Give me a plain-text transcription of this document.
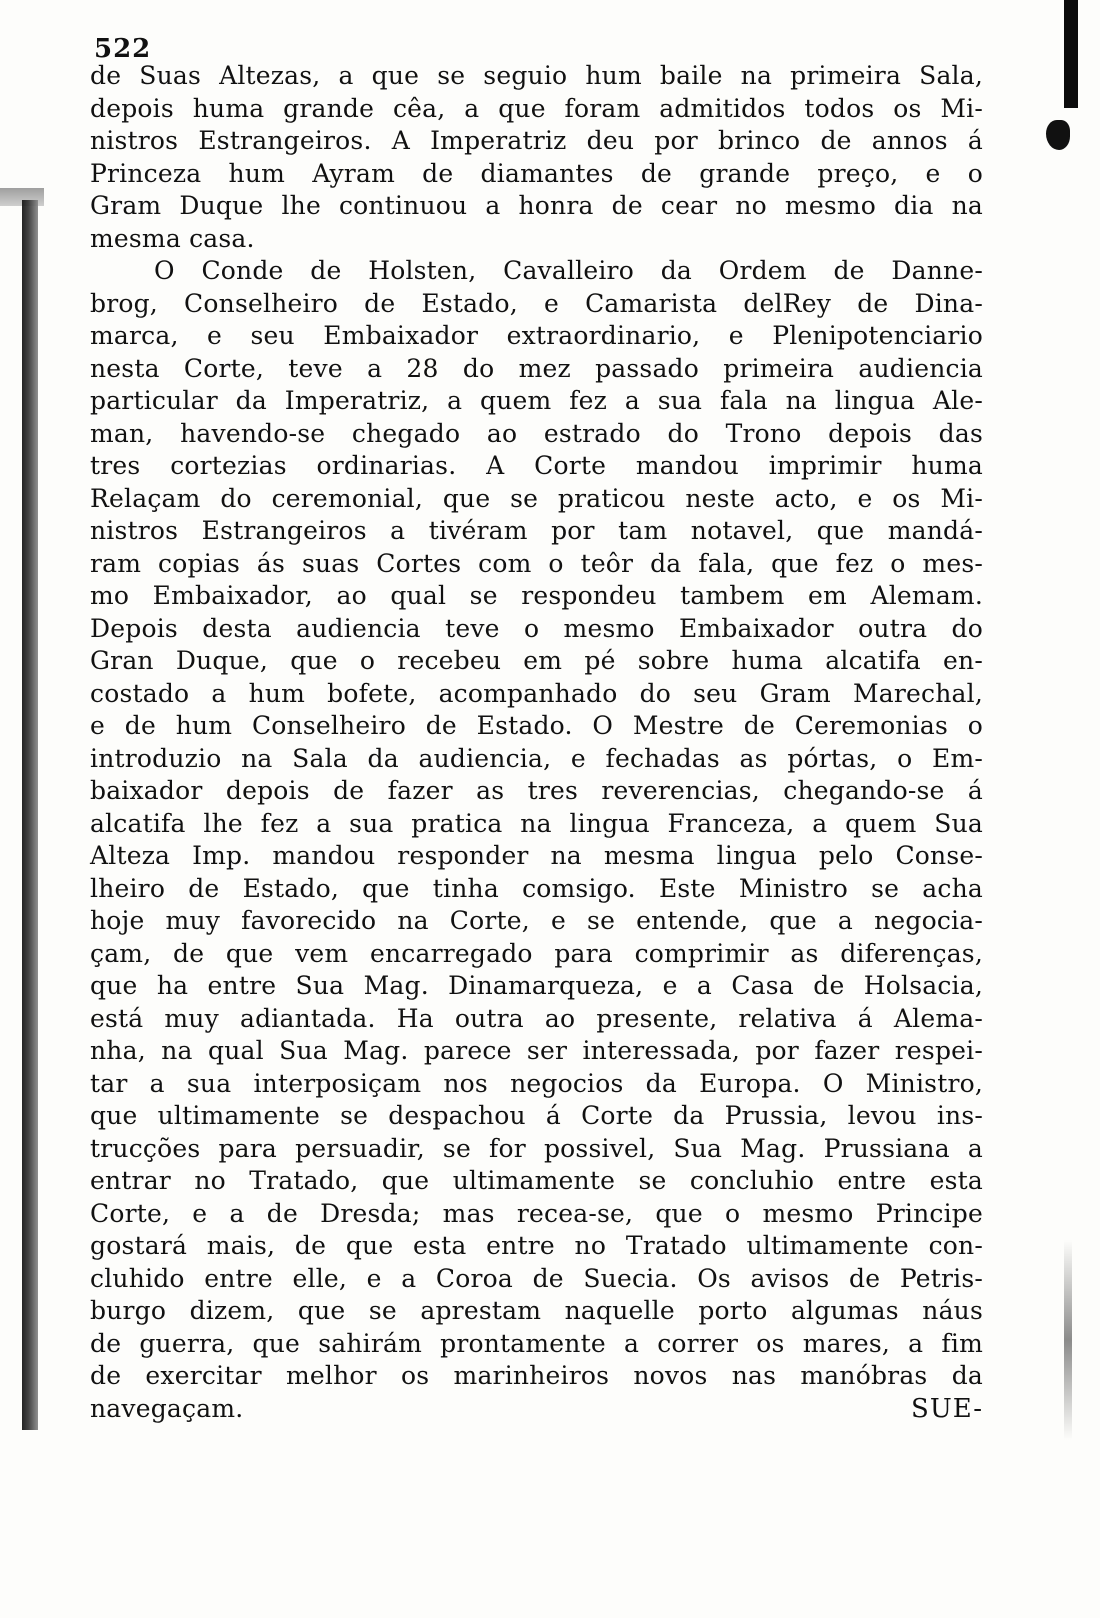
522
de Suas Altezas, a que se seguio hum baile na primeira Sala,
depois huma grande cêa, a que foram admitidos todos os Mi-
nistros Estrangeiros. A Imperatriz deu por brinco de annos á
Princeza hum Ayram de diamantes de grande preço, e o
Gram Duque lhe continuou a honra de cear no mesmo dia na
mesma casa.
O Conde de Holsten, Cavalleiro da Ordem de Danne-
brog, Conselheiro de Estado, e Camarista delRey de Dina-
marca, e seu Embaixador extraordinario, e Plenipotenciario
nesta Corte, teve a 28 do mez passado primeira audiencia
particular da Imperatriz, a quem fez a sua fala na lingua Ale-
man, havendo-se chegado ao estrado do Trono depois das
tres cortezias ordinarias. A Corte mandou imprimir huma
Relaçam do ceremonial, que se praticou neste acto, e os Mi-
nistros Estrangeiros a tivéram por tam notavel, que mandá-
ram copias ás suas Cortes com o teôr da fala, que fez o mes-
mo Embaixador, ao qual se respondeu tambem em Alemam.
Depois desta audiencia teve o mesmo Embaixador outra do
Gran Duque, que o recebeu em pé sobre huma alcatifa en-
costado a hum bofete, acompanhado do seu Gram Marechal,
e de hum Conselheiro de Estado. O Mestre de Ceremonias o
introduzio na Sala da audiencia, e fechadas as pórtas, o Em-
baixador depois de fazer as tres reverencias, chegando-se á
alcatifa lhe fez a sua pratica na lingua Franceza, a quem Sua
Alteza Imp. mandou responder na mesma lingua pelo Conse-
lheiro de Estado, que tinha comsigo. Este Ministro se acha
hoje muy favorecido na Corte, e se entende, que a negocia-
çam, de que vem encarregado para comprimir as diferenças,
que ha entre Sua Mag. Dinamarqueza, e a Casa de Holsacia,
está muy adiantada. Ha outra ao presente, relativa á Alema-
nha, na qual Sua Mag. parece ser interessada, por fazer respei-
tar a sua interposiçam nos negocios da Europa. O Ministro,
que ultimamente se despachou á Corte da Prussia, levou ins-
trucções para persuadir, se for possivel, Sua Mag. Prussiana a
entrar no Tratado, que ultimamente se concluhio entre esta
Corte, e a de Dresda; mas recea-se, que o mesmo Principe
gostará mais, de que esta entre no Tratado ultimamente con-
cluhido entre elle, e a Coroa de Suecia. Os avisos de Petris-
burgo dizem, que se aprestam naquelle porto algumas náus
de guerra, que sahirám prontamente a correr os mares, a fim
de exercitar melhor os marinheiros novos nas manóbras da
navegaçam.	SUE-
